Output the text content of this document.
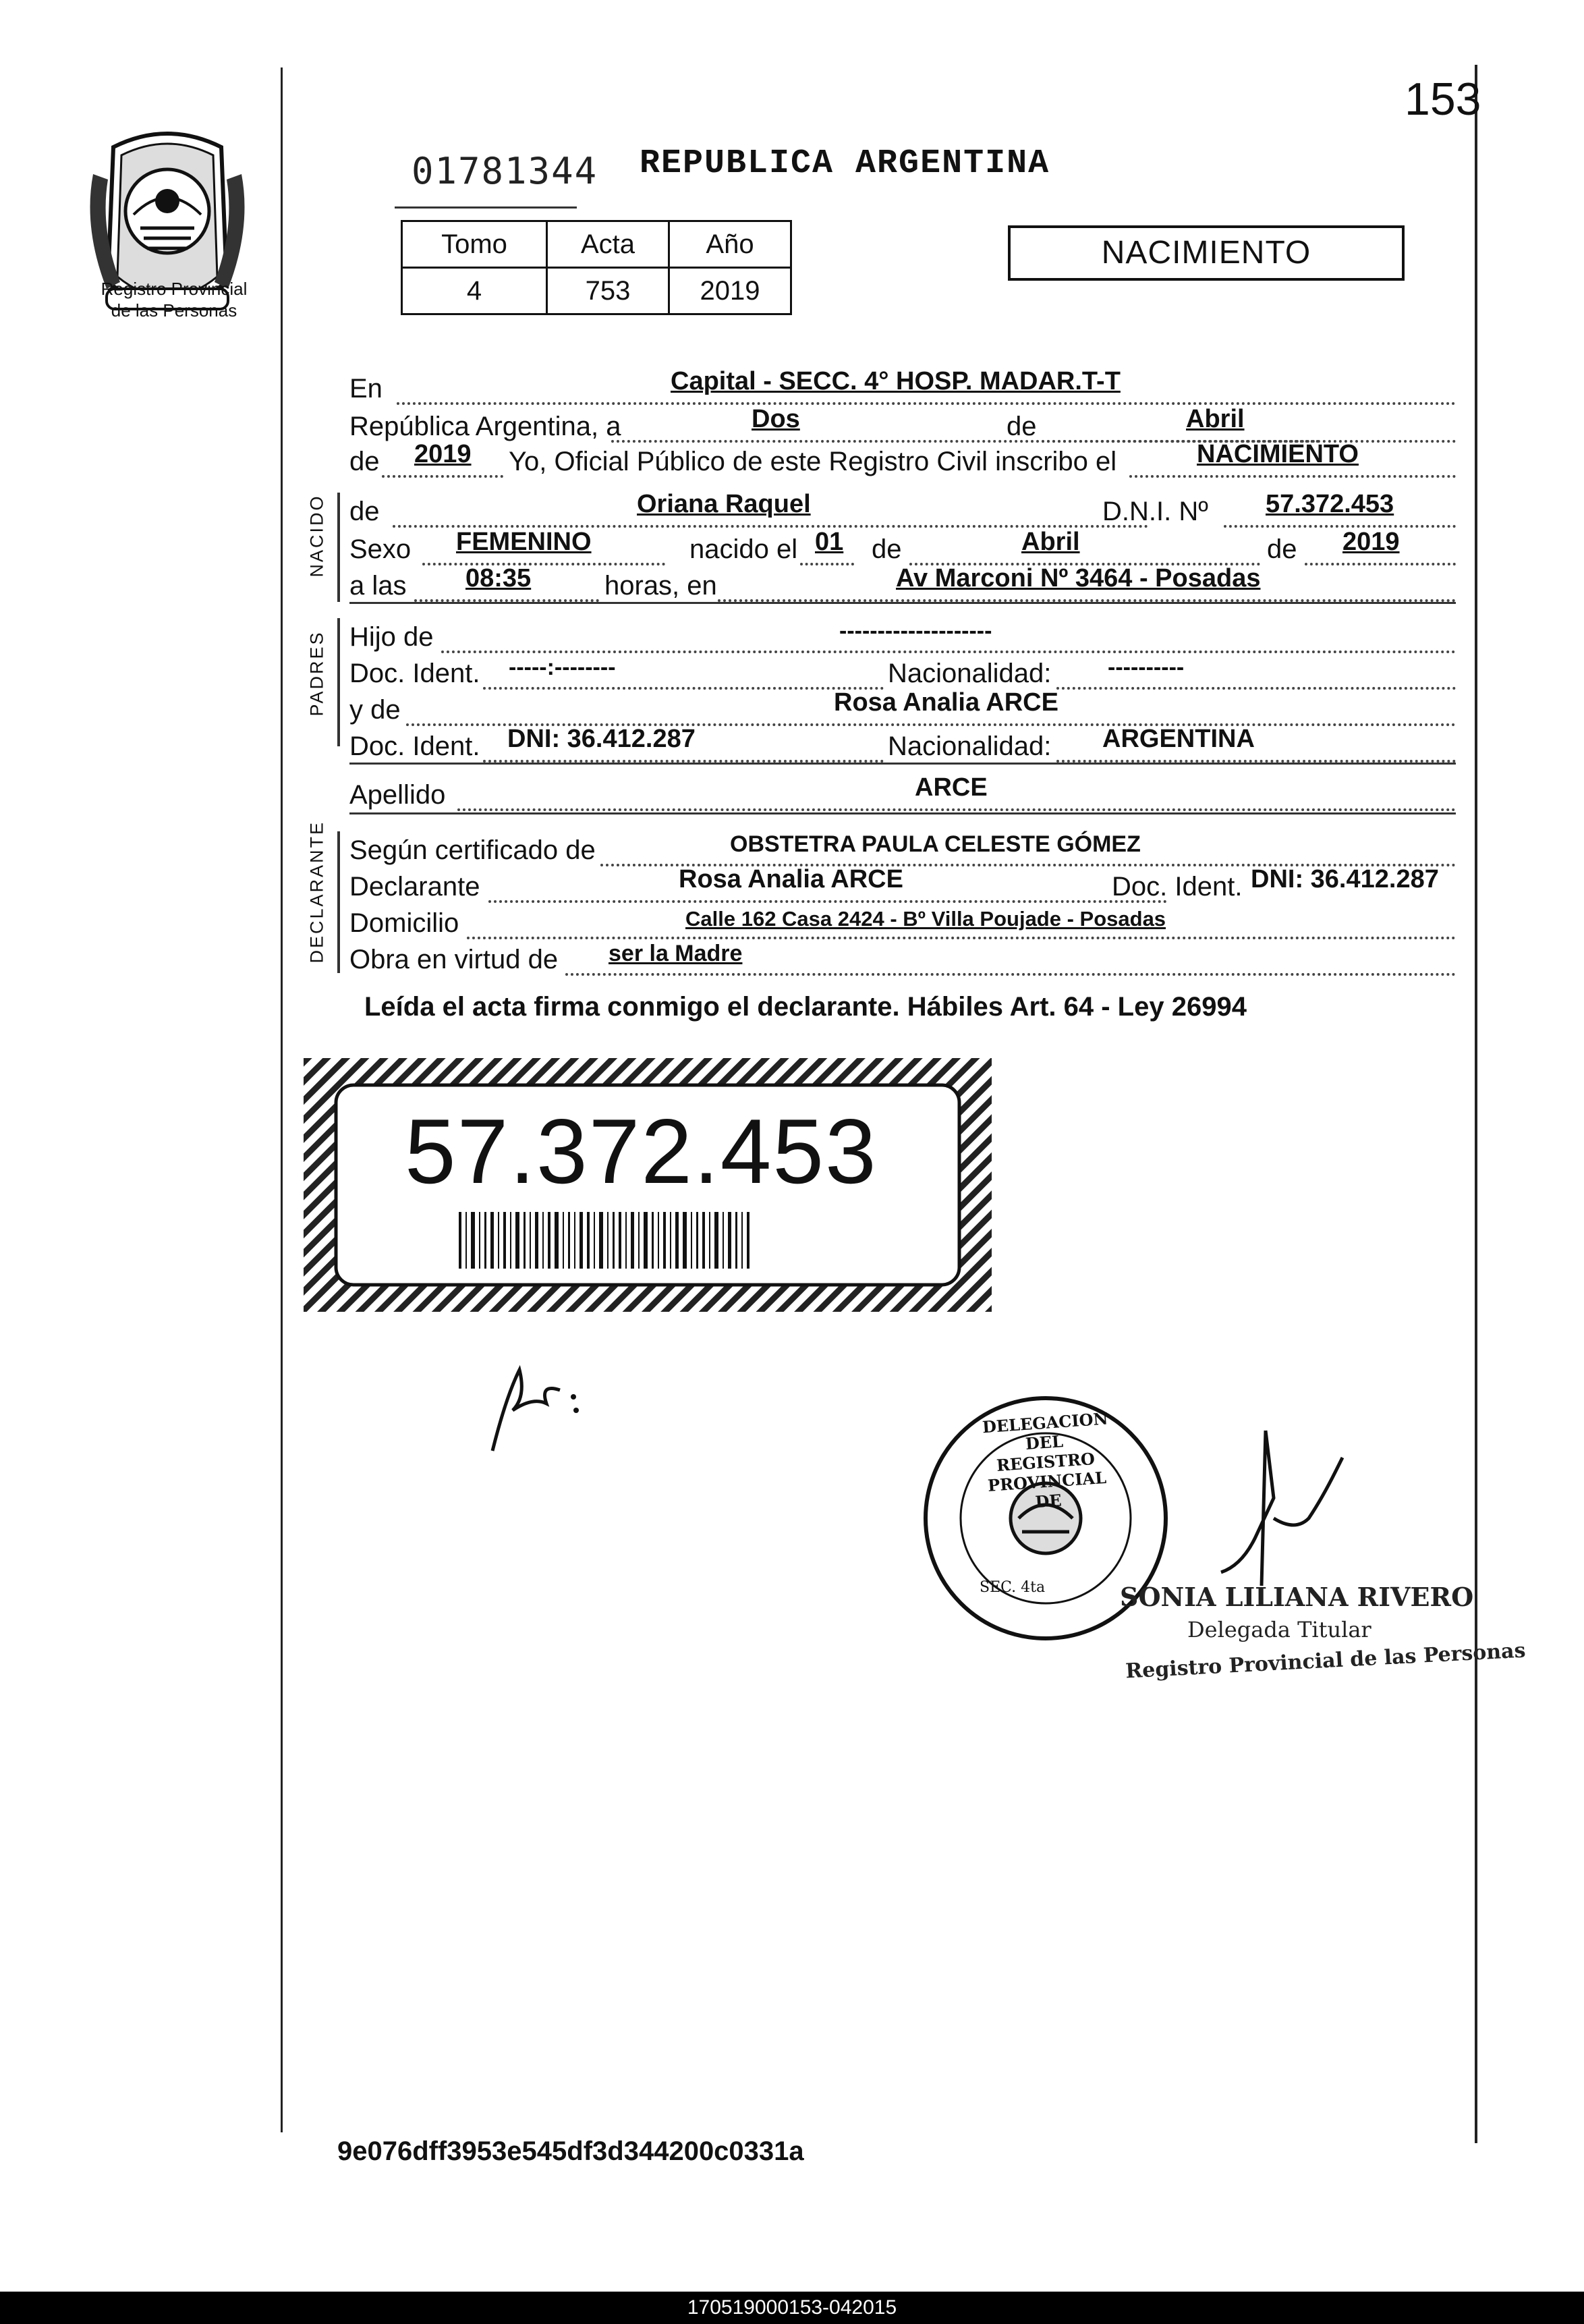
153
Registro Provincial
de las Personas
01781344 REPUBLICA ARGENTINA
Tomo	Acta	Año
4	753	2019
NACIMIENTO
En	Capital - SECC. 4° HOSP. MADAR.T-T
República Argentina, a	Dos	de	Abril
de 2019 Yo, Oficial Público de este Registro Civil inscribo el	NACIMIENTO
NACIDO de	Oriana Raquel	D.N.I. Nº 57.372.453
Sexo FEMENINO	nacido el 01 de	Abril	de 2019
a las 08:35	horas, en	Av Marconi Nº 3464 - Posadas
PADRES Hijo de	--------------------
Doc. Ident. -----:--------	Nacionalidad: ----------
y de	Rosa Analia ARCE
Doc. Ident. DNI: 36.412.287	Nacionalidad: ARGENTINA
Apellido	ARCE
DECLARANTE Según certificado de	OBSTETRA PAULA CELESTE GÓMEZ
Declarante	Rosa Analia ARCE	Doc. Ident. DNI: 36.412.287
Domicilio	Calle 162 Casa 2424 - Bº Villa Poujade - Posadas
Obra en virtud de ser la Madre
Leída el acta firma conmigo el declarante. Hábiles Art. 64 - Ley 26994
57.372.453
DELEGACION DEL REGISTRO PROVINCIAL DE
SEC. 4ta	SONIA LILIANA RIVERO
Delegada Titular
Registro Provincial de las Personas
9e076dff3953e545df3d344200c0331a
170519000153-042015
